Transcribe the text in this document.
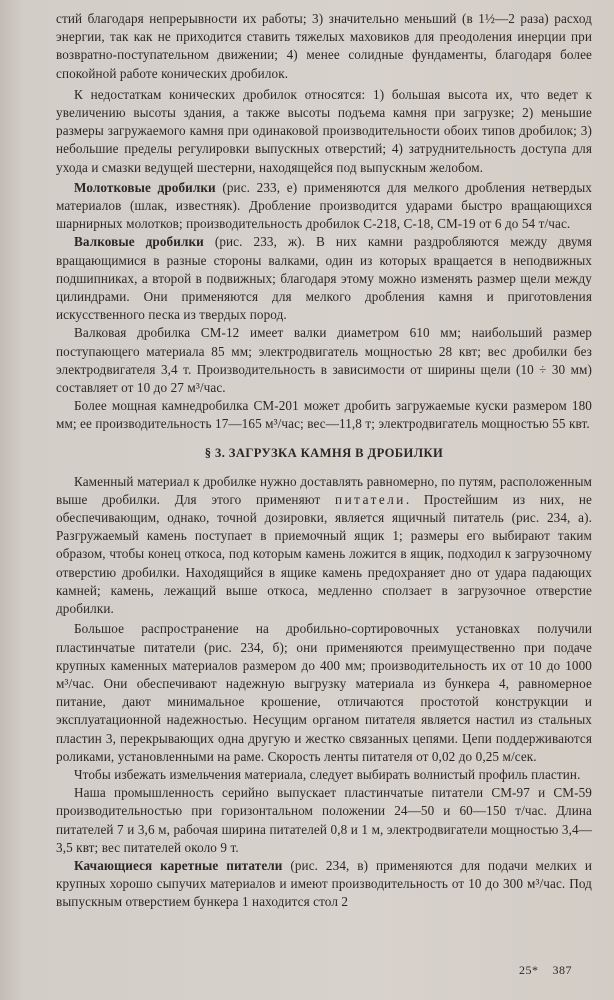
стий благодаря непрерывности их работы; 3) значительно меньший (в 1½—2 раза) расход энергии, так как не приходится ставить тяжелых маховиков для преодоления инерции при возвратно-поступательном движении; 4) менее солидные фундаменты, благодаря более спокойной работе конических дробилок.

К недостаткам конических дробилок относятся: 1) большая высота их, что ведет к увеличению высоты здания, а также высоты подъема камня при загрузке; 2) меньшие размеры загружаемого камня при одинаковой производительности обоих типов дробилок; 3) небольшие пределы регулировки выпускных отверстий; 4) затруднительность доступа для ухода и смазки ведущей шестерни, находящейся под выпускным желобом.

Молотковые дробилки (рис. 233, е) применяются для мелкого дробления нетвердых материалов (шлак, известняк). Дробление производится ударами быстро вращающихся шарнирных молотков; производительность дробилок С-218, С-18, СМ-19 от 6 до 54 т/час.

Валковые дробилки (рис. 233, ж). В них камни раздробляются между двумя вращающимися в разные стороны валками, один из которых вращается в неподвижных подшипниках, а второй в подвижных; благодаря этому можно изменять размер щели между цилиндрами. Они применяются для мелкого дробления камня и приготовления искусственного песка из твердых пород.

Валковая дробилка СМ-12 имеет валки диаметром 610 мм; наибольший размер поступающего материала 85 мм; электродвигатель мощностью 28 квт; вес дробилки без электродвигателя 3,4 т. Производительность в зависимости от ширины щели (10 ÷ 30 мм) составляет от 10 до 27 м³/час.

Более мощная камнедробилка СМ-201 может дробить загружаемые куски размером 180 мм; ее производительность 17—165 м³/час; вес—11,8 т; электродвигатель мощностью 55 квт.

§ 3. ЗАГРУЗКА КАМНЯ В ДРОБИЛКИ

Каменный материал к дробилке нужно доставлять равномерно, по путям, расположенным выше дробилки. Для этого применяют питатели. Простейшим из них, не обеспечивающим, однако, точной дозировки, является ящичный питатель (рис. 234, а). Разгружаемый камень поступает в приемочный ящик 1; размеры его выбирают таким образом, чтобы конец откоса, под которым камень ложится в ящик, подходил к загрузочному отверстию дробилки. Находящийся в ящике камень предохраняет дно от удара падающих камней; камень, лежащий выше откоса, медленно сползает в загрузочное отверстие дробилки.

Большое распространение на дробильно-сортировочных установках получили пластинчатые питатели (рис. 234, б); они применяются преимущественно при подаче крупных каменных материалов размером до 400 мм; производительность их от 10 до 1000 м³/час. Они обеспечивают надежную выгрузку материала из бункера 4, равномерное питание, дают минимальное крошение, отличаются простотой конструкции и эксплуатационной надежностью. Несущим органом питателя является настил из стальных пластин 3, перекрывающих одна другую и жестко связанных цепями. Цепи поддерживаются роликами, установленными на раме. Скорость ленты питателя от 0,02 до 0,25 м/сек.

Чтобы избежать измельчения материала, следует выбирать волнистый профиль пластин.

Наша промышленность серийно выпускает пластинчатые питатели СМ-97 и СМ-59 производительностью при горизонтальном положении 24—50 и 60—150 т/час. Длина питателей 7 и 3,6 м, рабочая ширина питателей 0,8 и 1 м, электродвигатели мощностью 3,4—3,5 квт; вес питателей около 9 т.

Качающиеся каретные питатели (рис. 234, в) применяются для подачи мелких и крупных хорошо сыпучих материалов и имеют производительность от 10 до 300 м³/час. Под выпускным отверстием бункера 1 находится стол 2

25* 387
